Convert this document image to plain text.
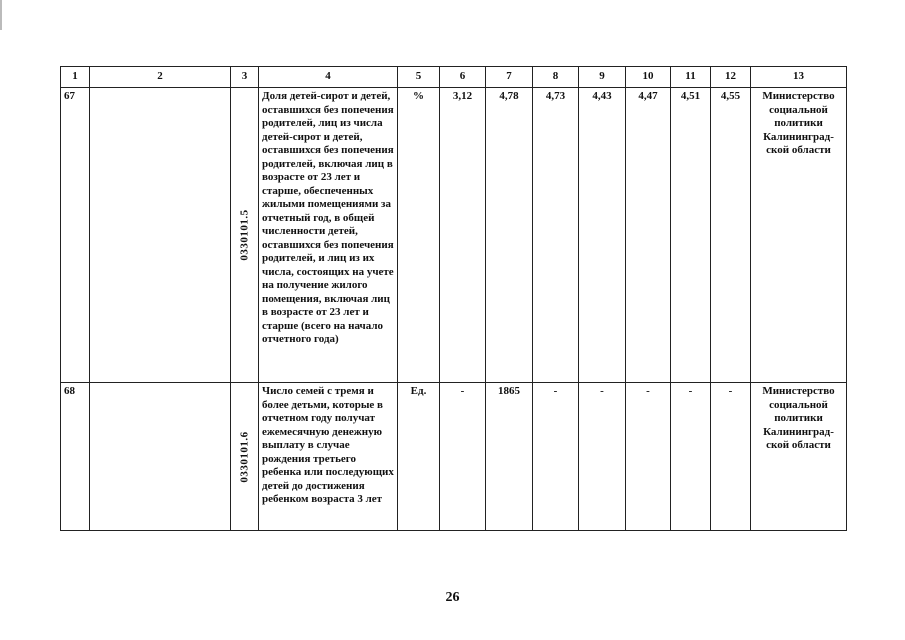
1	2	3	4	5	6	7	8	9	10	11	12	13
67		0330101.5	Доля детей-сирот и детей, оставшихся без попечения родителей, лиц из числа детей-сирот и детей, оставшихся без попечения родителей, включая лиц в возрасте от 23 лет и старше, обеспеченных жилыми помещениями за отчетный год, в общей численности детей, оставшихся без попечения родителей, и лиц из их числа, состоящих на учете на получение жилого помещения, включая лиц в возрасте от 23 лет и старше (всего на начало отчетного года)	%	3,12	4,78	4,73	4,43	4,47	4,51	4,55	Министерство социальной политики Калининград-ской области
68		0330101.6	Число семей с тремя и более детьми, которые в отчетном году получат ежемесячную денежную выплату в случае рождения третьего ребенка или последующих детей до достижения ребенком возраста 3 лет	Ед.	-	1865	-	-	-	-	-	Министерство социальной политики Калининград-ской области
26
